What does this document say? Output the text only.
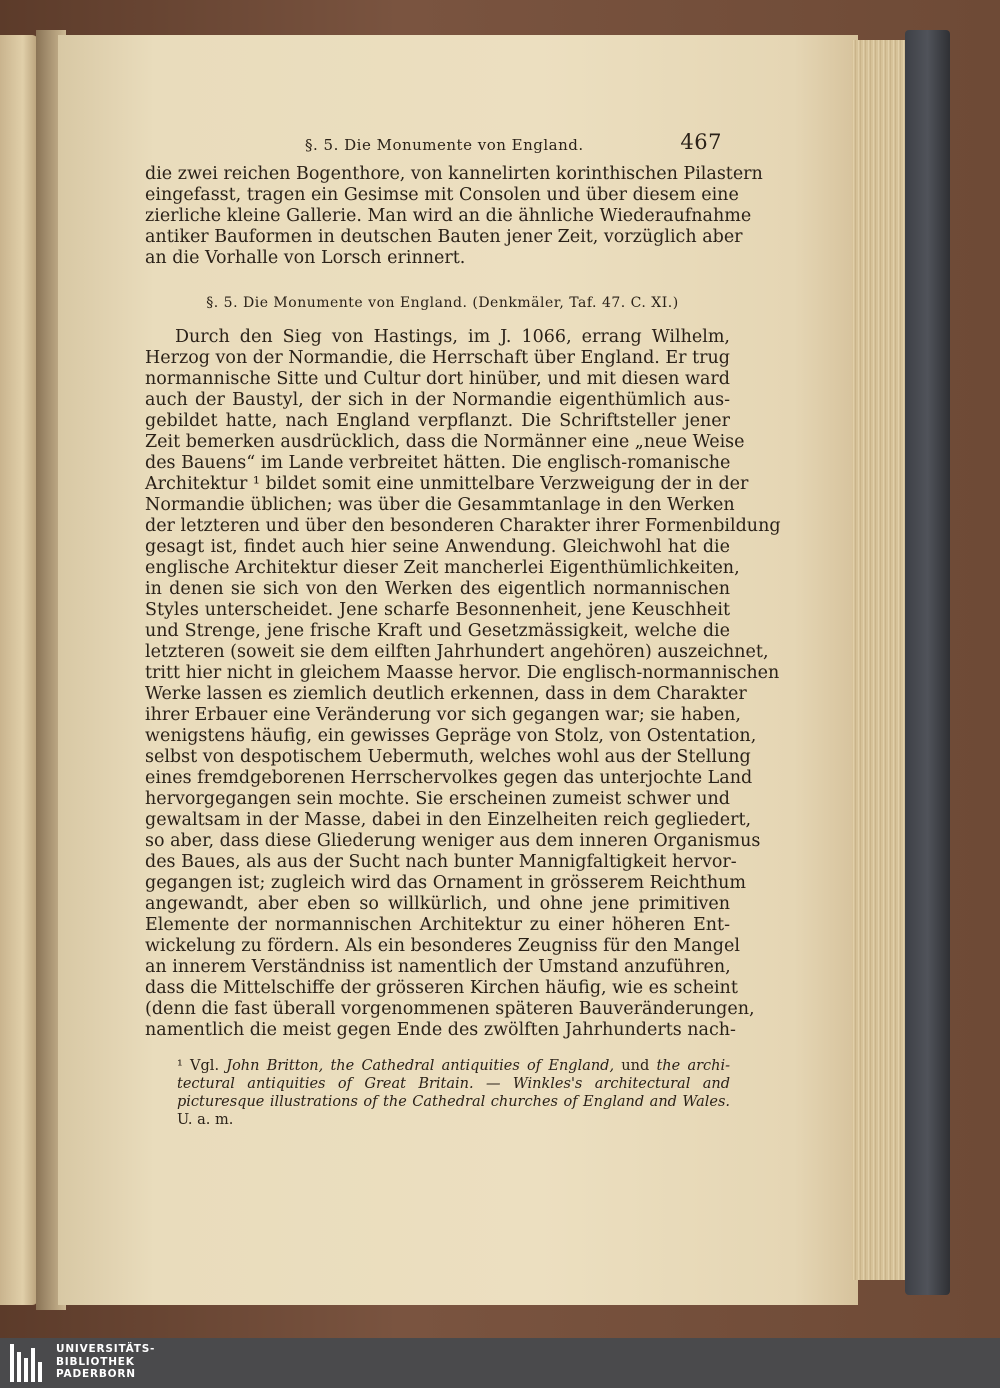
§. 5. Die Monumente von England.	467
die zwei reichen Bogenthore, von kannelirten korinthischen Pilastern
eingefasst, tragen ein Gesimse mit Consolen und über diesem eine
zierliche kleine Gallerie. Man wird an die ähnliche Wiederaufnahme
antiker Bauformen in deutschen Bauten jener Zeit, vorzüglich aber
an die Vorhalle von Lorsch erinnert.
§. 5. Die Monumente von England. (Denkmäler, Taf. 47. C. XI.)
Durch den Sieg von Hastings, im J. 1066, errang Wilhelm,
Herzog von der Normandie, die Herrschaft über England. Er trug
normannische Sitte und Cultur dort hinüber, und mit diesen ward
auch der Baustyl, der sich in der Normandie eigenthümlich aus-
gebildet hatte, nach England verpflanzt. Die Schriftsteller jener
Zeit bemerken ausdrücklich, dass die Normänner eine „neue Weise
des Bauens“ im Lande verbreitet hätten. Die englisch-romanische
Architektur ¹ bildet somit eine unmittelbare Verzweigung der in der
Normandie üblichen; was über die Gesammtanlage in den Werken
der letzteren und über den besonderen Charakter ihrer Formenbildung
gesagt ist, findet auch hier seine Anwendung. Gleichwohl hat die
englische Architektur dieser Zeit mancherlei Eigenthümlichkeiten,
in denen sie sich von den Werken des eigentlich normannischen
Styles unterscheidet. Jene scharfe Besonnenheit, jene Keuschheit
und Strenge, jene frische Kraft und Gesetzmässigkeit, welche die
letzteren (soweit sie dem eilften Jahrhundert angehören) auszeichnet,
tritt hier nicht in gleichem Maasse hervor. Die englisch-normannischen
Werke lassen es ziemlich deutlich erkennen, dass in dem Charakter
ihrer Erbauer eine Veränderung vor sich gegangen war; sie haben,
wenigstens häufig, ein gewisses Gepräge von Stolz, von Ostentation,
selbst von despotischem Uebermuth, welches wohl aus der Stellung
eines fremdgeborenen Herrschervolkes gegen das unterjochte Land
hervorgegangen sein mochte. Sie erscheinen zumeist schwer und
gewaltsam in der Masse, dabei in den Einzelheiten reich gegliedert,
so aber, dass diese Gliederung weniger aus dem inneren Organismus
des Baues, als aus der Sucht nach bunter Mannigfaltigkeit hervor-
gegangen ist; zugleich wird das Ornament in grösserem Reichthum
angewandt, aber eben so willkürlich, und ohne jene primitiven
Elemente der normannischen Architektur zu einer höheren Ent-
wickelung zu fördern. Als ein besonderes Zeugniss für den Mangel
an innerem Verständniss ist namentlich der Umstand anzuführen,
dass die Mittelschiffe der grösseren Kirchen häufig, wie es scheint
(denn die fast überall vorgenommenen späteren Bauveränderungen,
namentlich die meist gegen Ende des zwölften Jahrhunderts nach-
¹ Vgl. John Britton, the Cathedral antiquities of England, und the archi-
tectural antiquities of Great Britain. — Winkles's architectural and
picturesque illustrations of the Cathedral churches of England and Wales.
U. a. m.
UNIVERSITÄTS-
BIBLIOTHEK
PADERBORN
